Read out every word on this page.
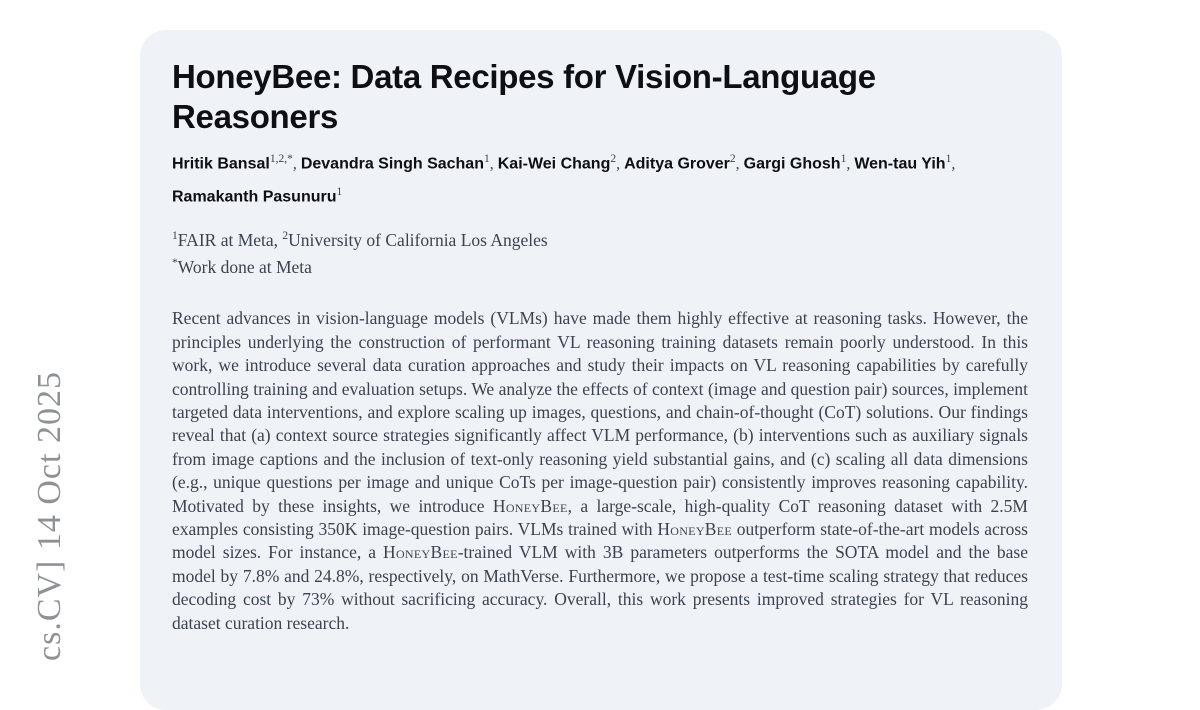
cs.CV] 14 Oct 2025
HoneyBee: Data Recipes for Vision-Language Reasoners
Hritik Bansal$^{1,2,*}$, Devandra Singh Sachan$^1$, Kai-Wei Chang$^2$, Aditya Grover$^2$, Gargi Ghosh$^1$, Wen-tau Yih$^1$, Ramakanth Pasunuru$^1$
$^1$FAIR at Meta, $^2$University of California Los Angeles
*Work done at Meta

Recent advances in vision-language models (VLMs) have made them highly effective at reasoning tasks. However, the principles underlying the construction of performant VL reasoning training datasets remain poorly understood. In this work, we introduce several data curation approaches and study their impacts on VL reasoning capabilities by carefully controlling training and evaluation setups. We analyze the effects of context (image and question pair) sources, implement targeted data interventions, and explore scaling up images, questions, and chain-of-thought (CoT) solutions. Our findings reveal that (a) context source strategies significantly affect VLM performance, (b) interventions such as auxiliary signals from image captions and the inclusion of text-only reasoning yield substantial gains, and (c) scaling all data dimensions (e.g., unique questions per image and unique CoTs per image-question pair) consistently improves reasoning capability. Motivated by these insights, we introduce HoneyBee, a large-scale, high-quality CoT reasoning dataset with 2.5M examples consisting 350K image-question pairs. VLMs trained with HoneyBee outperform state-of-the-art models across model sizes. For instance, a HoneyBee-trained VLM with 3B parameters outperforms the SOTA model and the base model by 7.8% and 24.8%, respectively, on MathVerse. Furthermore, we propose a test-time scaling strategy that reduces decoding cost by 73% without sacrificing accuracy. Overall, this work presents improved strategies for VL reasoning dataset curation research.
